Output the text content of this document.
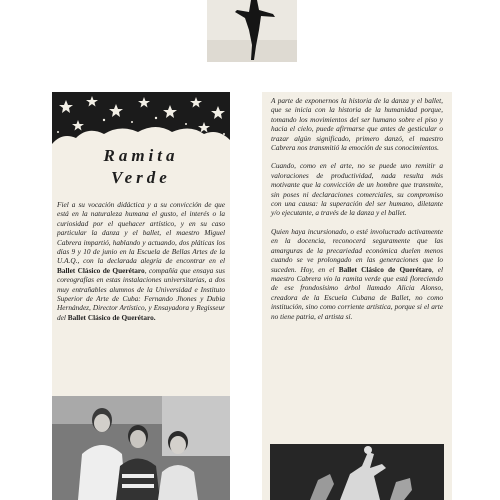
Ramita
Verde
Fiel a su vocación didáctica y a su convicción de que está en la naturaleza humana el gusto, el interés o la curiosidad por el quehacer artístico, y en su caso particular la danza y el ballet, el maestro Miguel Cabrera impartió, hablando y actuando, dos pláticas los días 9 y 10 de junio en la Escuela de Bellas Artes de la U.A.Q., con la declarada alegría de encontrar en el Ballet Clásico de Querétaro, compañía que ensaya sus coreografías en estas instalaciones universitarias, a dos muy entrañables alumnos de la Universidad e Instituto Superior de Arte de Cuba: Fernando Jhones y Dubia Hernández, Director Artístico, y Ensayadora y Regisseur del Ballet Clásico de Querétaro.

A parte de exponernos la historia de la danza y el ballet, que se inicia con la historia de la humanidad porque, tomando los movimientos del ser humano sobre el piso y hacia el cielo, puede afirmarse que antes de gesticular o trazar algún significado, primero danzó, el maestro Cabrera nos transmitió la emoción de sus conocimientos.

Cuando, como en el arte, no se puede uno remitir a valoraciones de productividad, nada resulta más motivante que la convicción de un hombre que transmite, sin poses ni declaraciones comerciales, su compromiso con una causa: la superación del ser humano, diletante y/o ejecutante, a través de la danza y el ballet.

Quien haya incursionado, o esté involucrado activamente en la docencia, reconocerá seguramente que las amarguras de la precariedad económica duelen menos cuando se ve prolongado en las generaciones que lo suceden. Hoy, en el Ballet Clásico de Querétaro, el maestro Cabrera vio la ramita verde que está floreciendo de ese frondosísimo árbol llamado Alicia Alonso, creadora de la Escuela Cubana de Ballet, no como institución, sino como corriente artística, porque si el arte no tiene patria, el artista sí.
